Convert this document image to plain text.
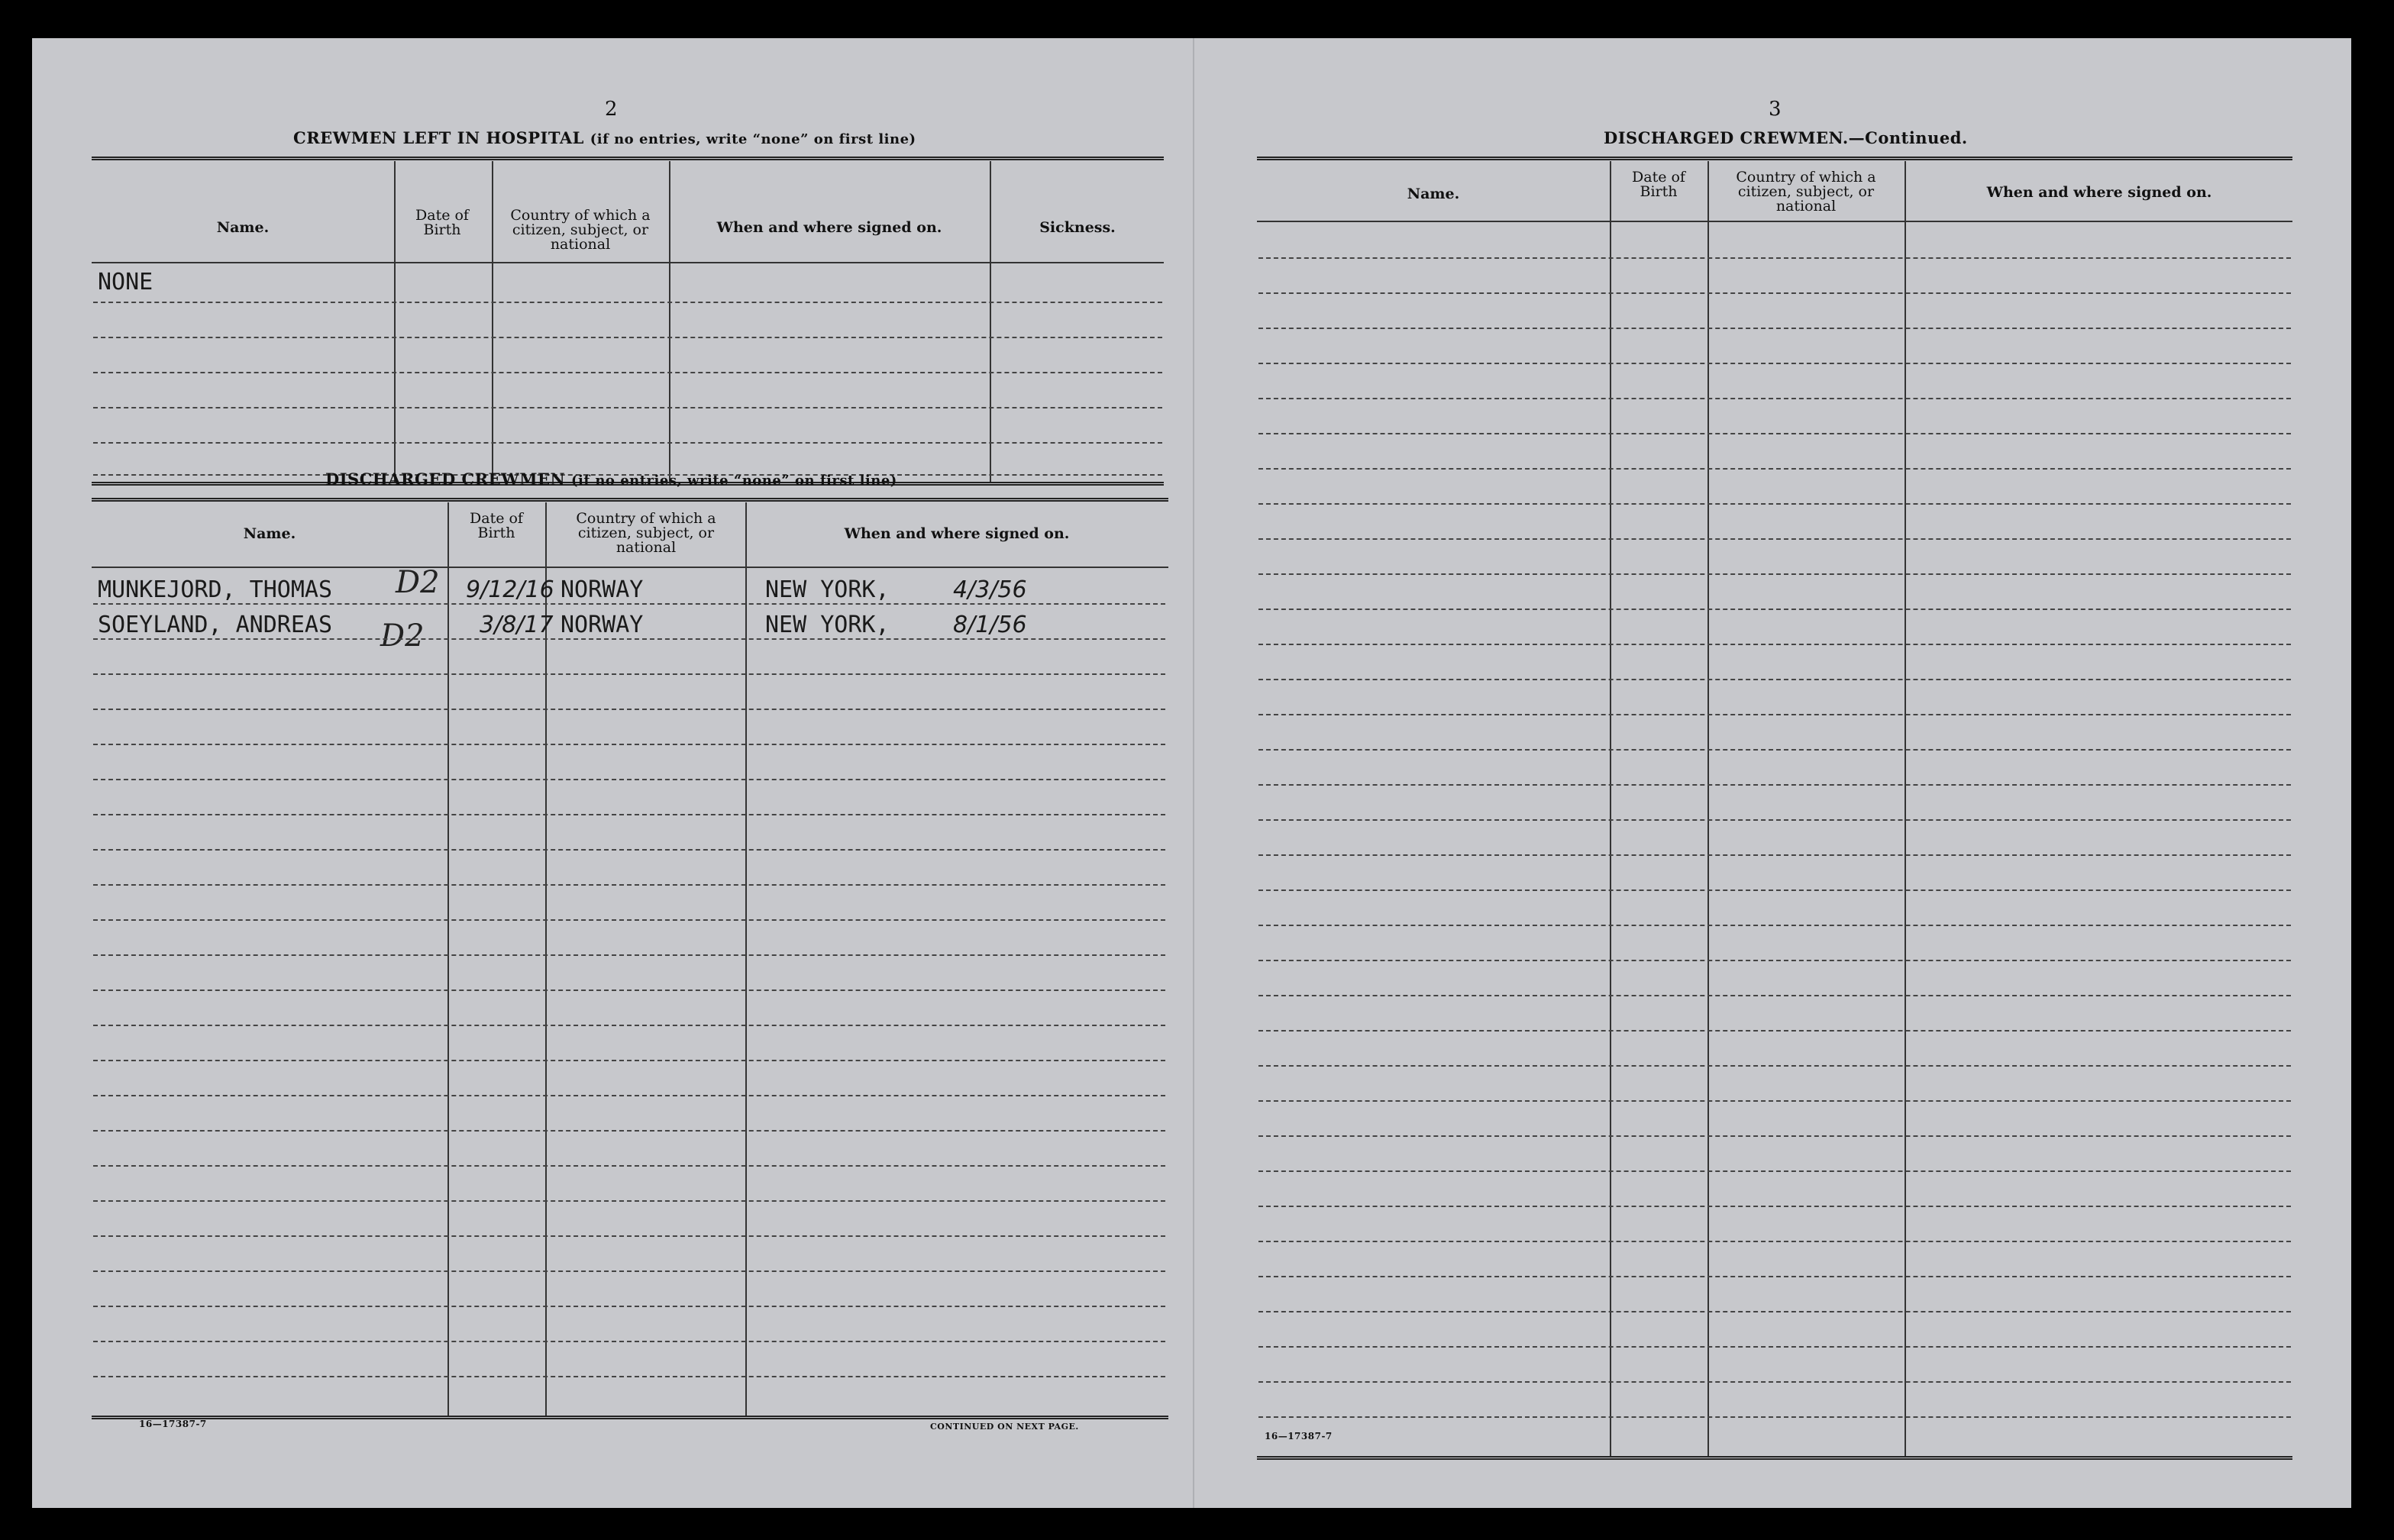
2
CREWMEN LEFT IN HOSPITAL (if no entries, write “none” on first line)
Name.
Date of Birth
Country of which a citizen, subject, or national
When and where signed on.	Sickness.
NONE
DISCHARGED CREWMEN (if no entries, write “none” on first line)
Name.
Date of Birth
Country of which a citizen, subject, or national
When and where signed on.
MUNKEJORD, THOMAS D2 9/12/16 NORWAY	NEW YORK,	4/3/56
SOEYLAND, ANDREAS D2 3/8/17 NORWAY	NEW YORK,	8/1/56
16—17387-7	CONTINUED ON NEXT PAGE.
3
DISCHARGED CREWMEN.—Continued.
Name.
Date of Birth
Country of which a citizen, subject, or national
When and where signed on.
16—17387-7
